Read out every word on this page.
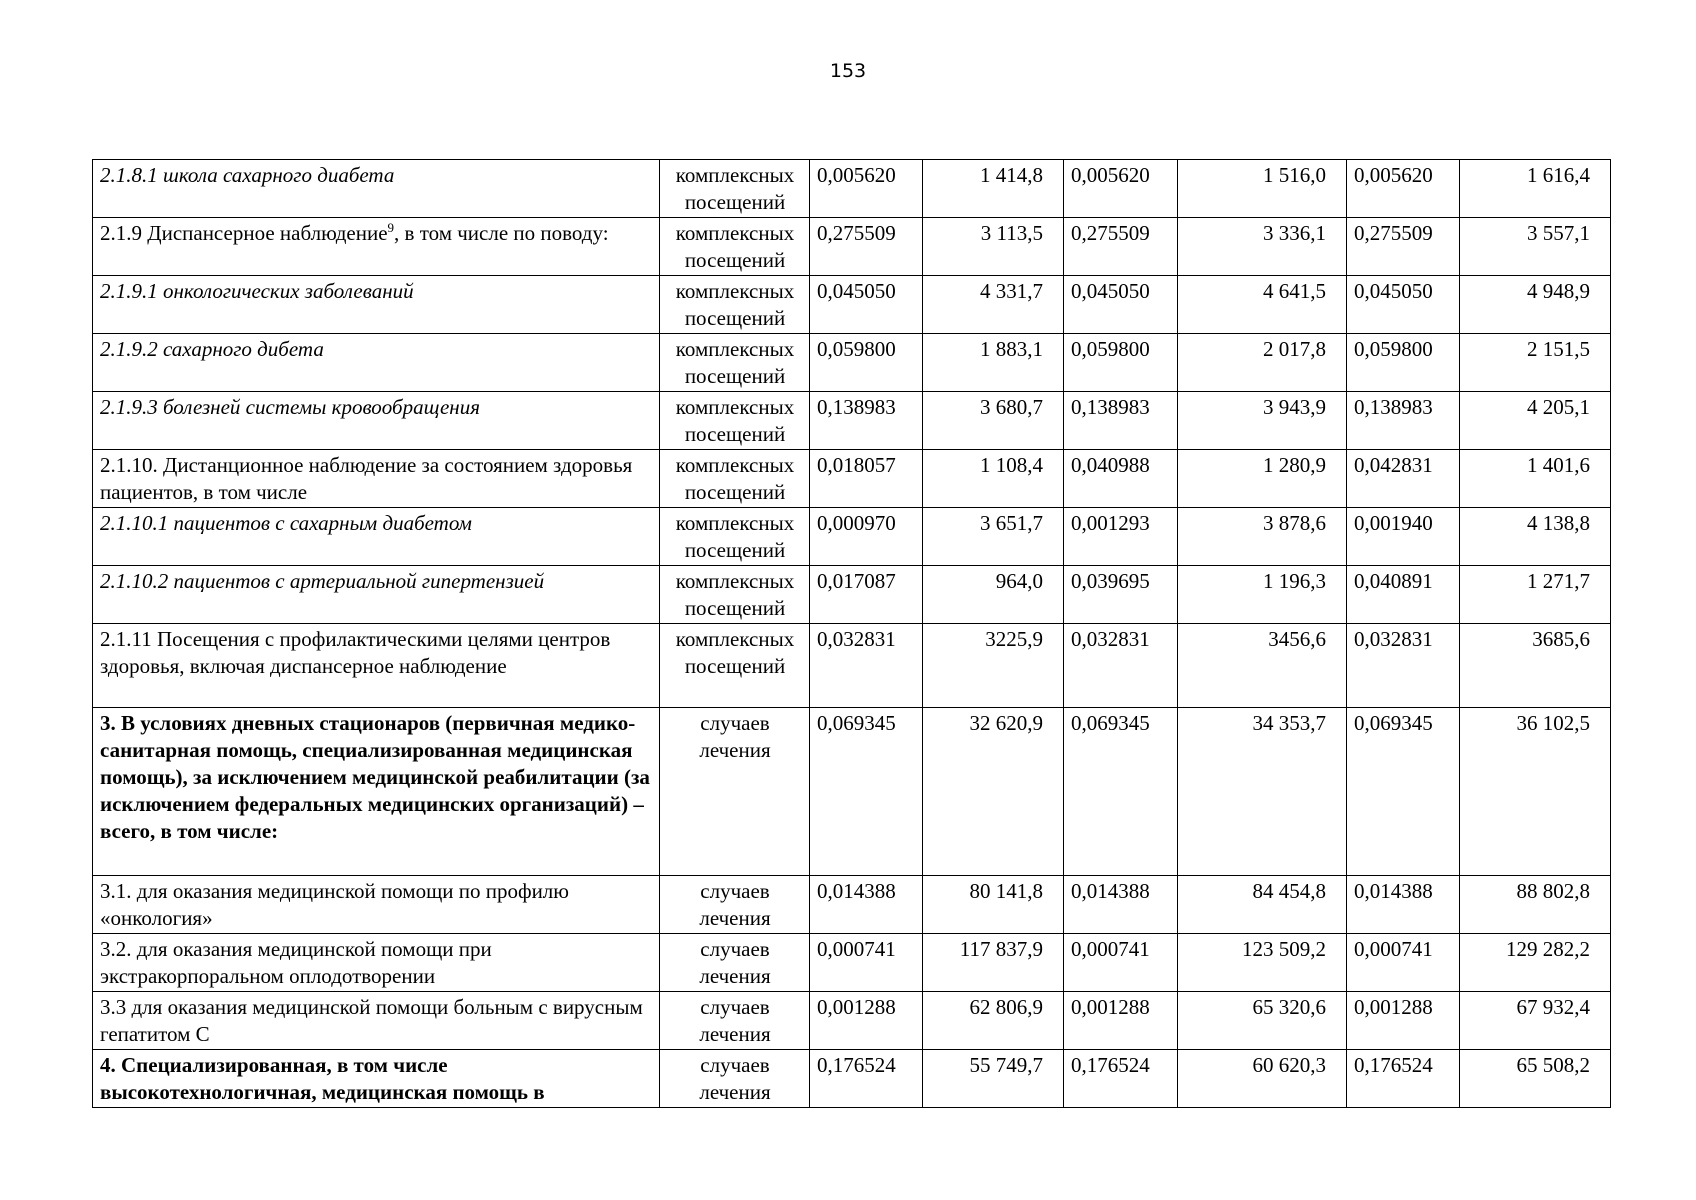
153
2.1.8.1 школа сахарного диабета	комплексных посещений	0,005620	1 414,8	0,005620	1 516,0	0,005620	1 616,4
2.1.9 Диспансерное наблюдение$^9$, в том числе по поводу:	комплексных посещений	0,275509	3 113,5	0,275509	3 336,1	0,275509	3 557,1
2.1.9.1 онкологических заболеваний	комплексных посещений	0,045050	4 331,7	0,045050	4 641,5	0,045050	4 948,9
2.1.9.2 сахарного дибета	комплексных посещений	0,059800	1 883,1	0,059800	2 017,8	0,059800	2 151,5
2.1.9.3 болезней системы кровообращения	комплексных посещений	0,138983	3 680,7	0,138983	3 943,9	0,138983	4 205,1
2.1.10. Дистанционное наблюдение за состоянием здоровья пациентов, в том числе	комплексных посещений	0,018057	1 108,4	0,040988	1 280,9	0,042831	1 401,6
2.1.10.1 пациентов с сахарным диабетом	комплексных посещений	0,000970	3 651,7	0,001293	3 878,6	0,001940	4 138,8
2.1.10.2 пациентов с артериальной гипертензией	комплексных посещений	0,017087	964,0	0,039695	1 196,3	0,040891	1 271,7
2.1.11 Посещения с профилактическими целями центров здоровья, включая диспансерное наблюдение	комплексных посещений	0,032831	3225,9	0,032831	3456,6	0,032831	3685,6
3. В условиях дневных стационаров (первичная медико- санитарная помощь, специализированная медицинская помощь), за исключением медицинской реабилитации (за исключением федеральных медицинских организаций) – всего, в том числе:	случаев лечения	0,069345	32 620,9	0,069345	34 353,7	0,069345	36 102,5
3.1. для оказания медицинской помощи по профилю «онкология»	случаев лечения	0,014388	80 141,8	0,014388	84 454,8	0,014388	88 802,8
3.2. для оказания медицинской помощи при экстракорпоральном оплодотворении	случаев лечения	0,000741	117 837,9	0,000741	123 509,2	0,000741	129 282,2
3.3 для оказания медицинской помощи больным с вирусным гепатитом С	случаев лечения	0,001288	62 806,9	0,001288	65 320,6	0,001288	67 932,4
4. Специализированная, в том числе высокотехнологичная, медицинская помощь в	случаев лечения	0,176524	55 749,7	0,176524	60 620,3	0,176524	65 508,2
